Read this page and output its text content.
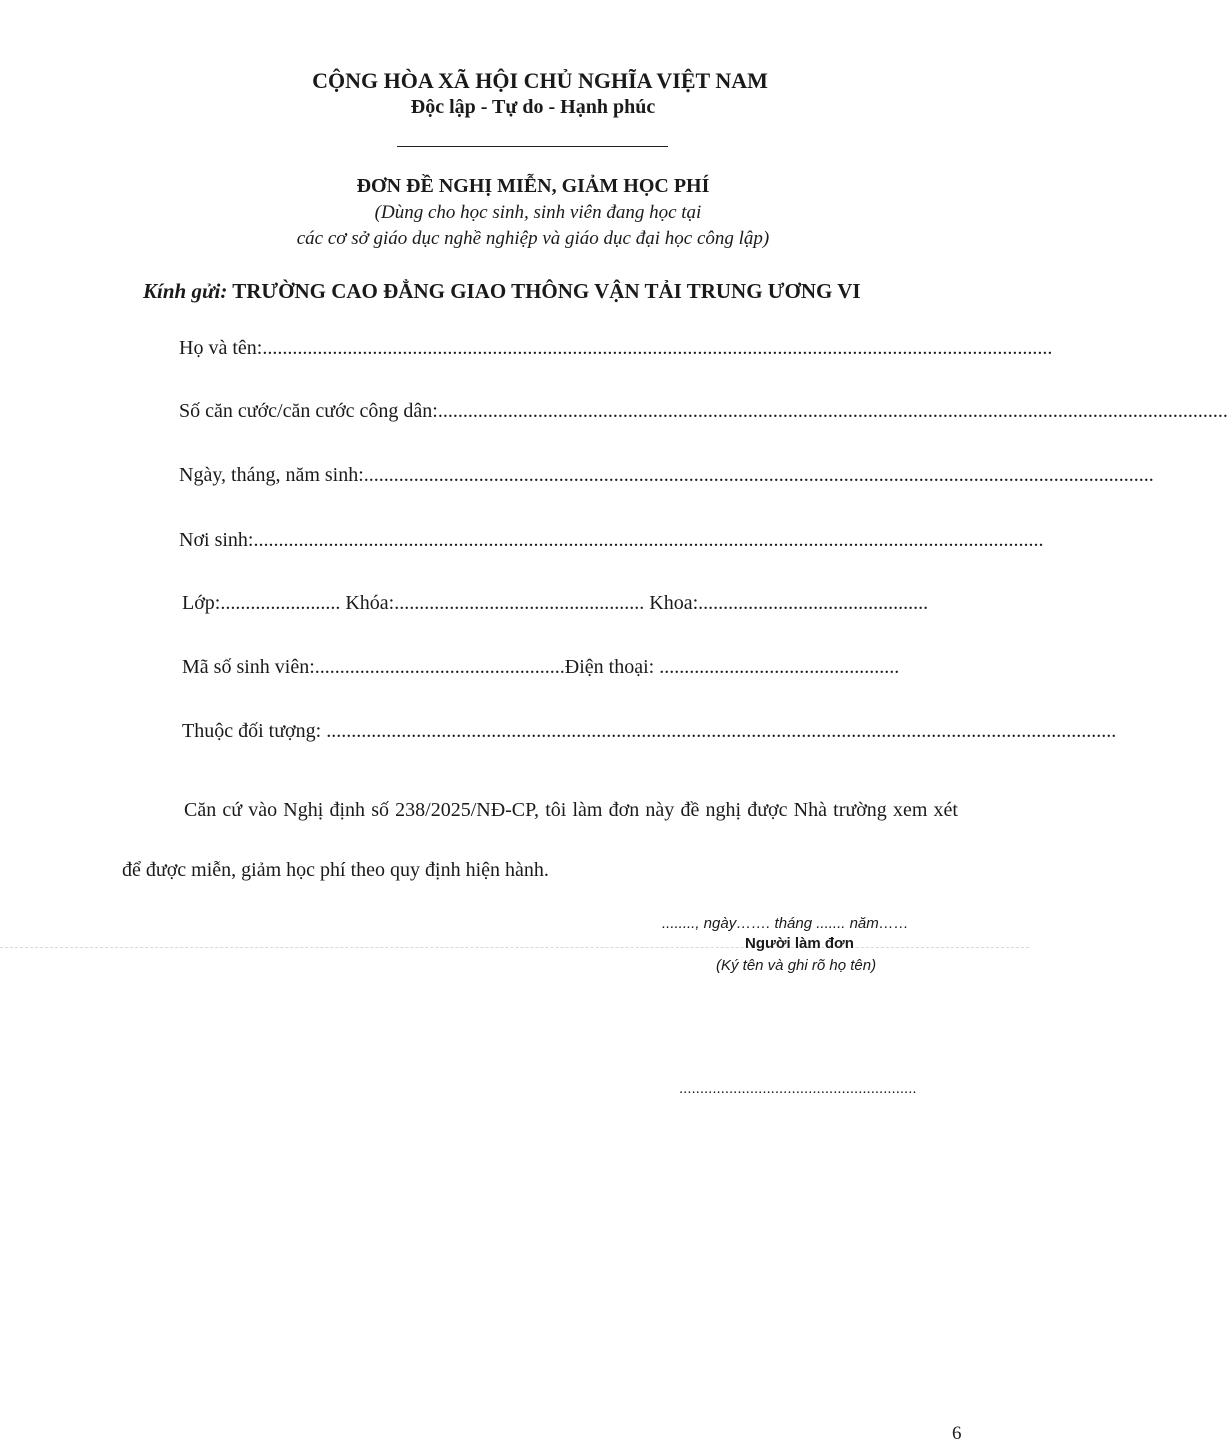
CỘNG HÒA XÃ HỘI CHỦ NGHĨA VIỆT NAM
Độc lập - Tự do - Hạnh phúc
ĐƠN ĐỀ NGHỊ MIỄN, GIẢM HỌC PHÍ
(Dùng cho học sinh, sinh viên đang học tại
các cơ sở giáo dục nghề nghiệp và giáo dục đại học công lập)
Kính gửi: TRƯỜNG CAO ĐẲNG GIAO THÔNG VẬN TẢI TRUNG ƯƠNG VI
Họ và tên:..............................................................................................................................................................
Số căn cước/căn cước công dân:..............................................................................................................................................................
Ngày, tháng, năm sinh:..............................................................................................................................................................
Nơi sinh:..............................................................................................................................................................
Lớp:........................ Khóa:.................................................. Khoa:..............................................
Mã số sinh viên:..................................................Điện thoại: ................................................
Thuộc đối tượng: ..............................................................................................................................................................
Căn cứ vào Nghị định số 238/2025/NĐ-CP, tôi làm đơn này đề nghị được Nhà trường xem xét để được miễn, giảm học phí theo quy định hiện hành.
........, ngày……. tháng ....... năm……
Người làm đơn
(Ký tên và ghi rõ họ tên)
.........................................................
6
